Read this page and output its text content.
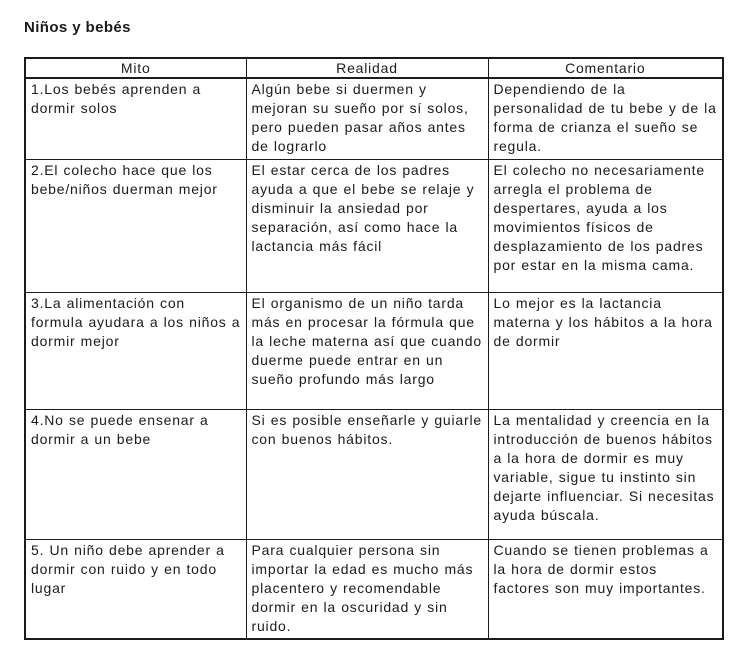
Niños y bebés
Mito	Realidad	Comentario
1.Los bebés aprenden a dormir solos	Algún bebe si duermen y mejoran su sueño por sí solos, pero pueden pasar años antes de lograrlo	Dependiendo de la personalidad de tu bebe y de la forma de crianza el sueño se regula.
2.El colecho hace que los bebe/niños duerman mejor	El estar cerca de los padres ayuda a que el bebe se relaje y disminuir la ansiedad por separación, así como hace la lactancia más fácil	El colecho no necesariamente arregla el problema de despertares, ayuda a los movimientos físicos de desplazamiento de los padres por estar en la misma cama.
3.La alimentación con formula ayudara a los niños a dormir mejor	El organismo de un niño tarda más en procesar la fórmula que la leche materna así que cuando duerme puede entrar en un sueño profundo más largo	Lo mejor es la lactancia materna y los hábitos a la hora de dormir
4.No se puede ensenar a dormir a un bebe	Si es posible enseñarle y guiarle con buenos hábitos.	La mentalidad y creencia en la introducción de buenos hábitos a la hora de dormir es muy variable, sigue tu instinto sin dejarte influenciar. Si necesitas ayuda búscala.
5. Un niño debe aprender a dormir con ruido y en todo lugar	Para cualquier persona sin importar la edad es mucho más placentero y recomendable dormir en la oscuridad y sin ruido.	Cuando se tienen problemas a la hora de dormir estos factores son muy importantes.
